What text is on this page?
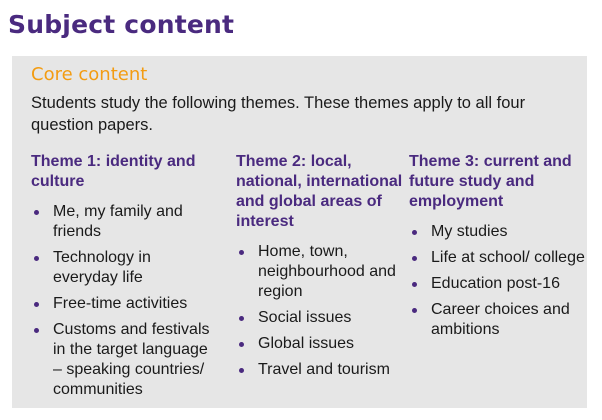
Subject content
Core content
Students study the following themes. These themes apply to all four question papers.
Theme 1: identity and culture
Me, my family and friends
Technology in everyday life
Free-time activities
Customs and festivals in the target language – speaking countries/ communities
Theme 2: local, national, international and global areas of interest
Home, town, neighbourhood and region
Social issues
Global issues
Travel and tourism
Theme 3: current and future study and employment
My studies
Life at school/ college
Education post-16
Career choices and ambitions
